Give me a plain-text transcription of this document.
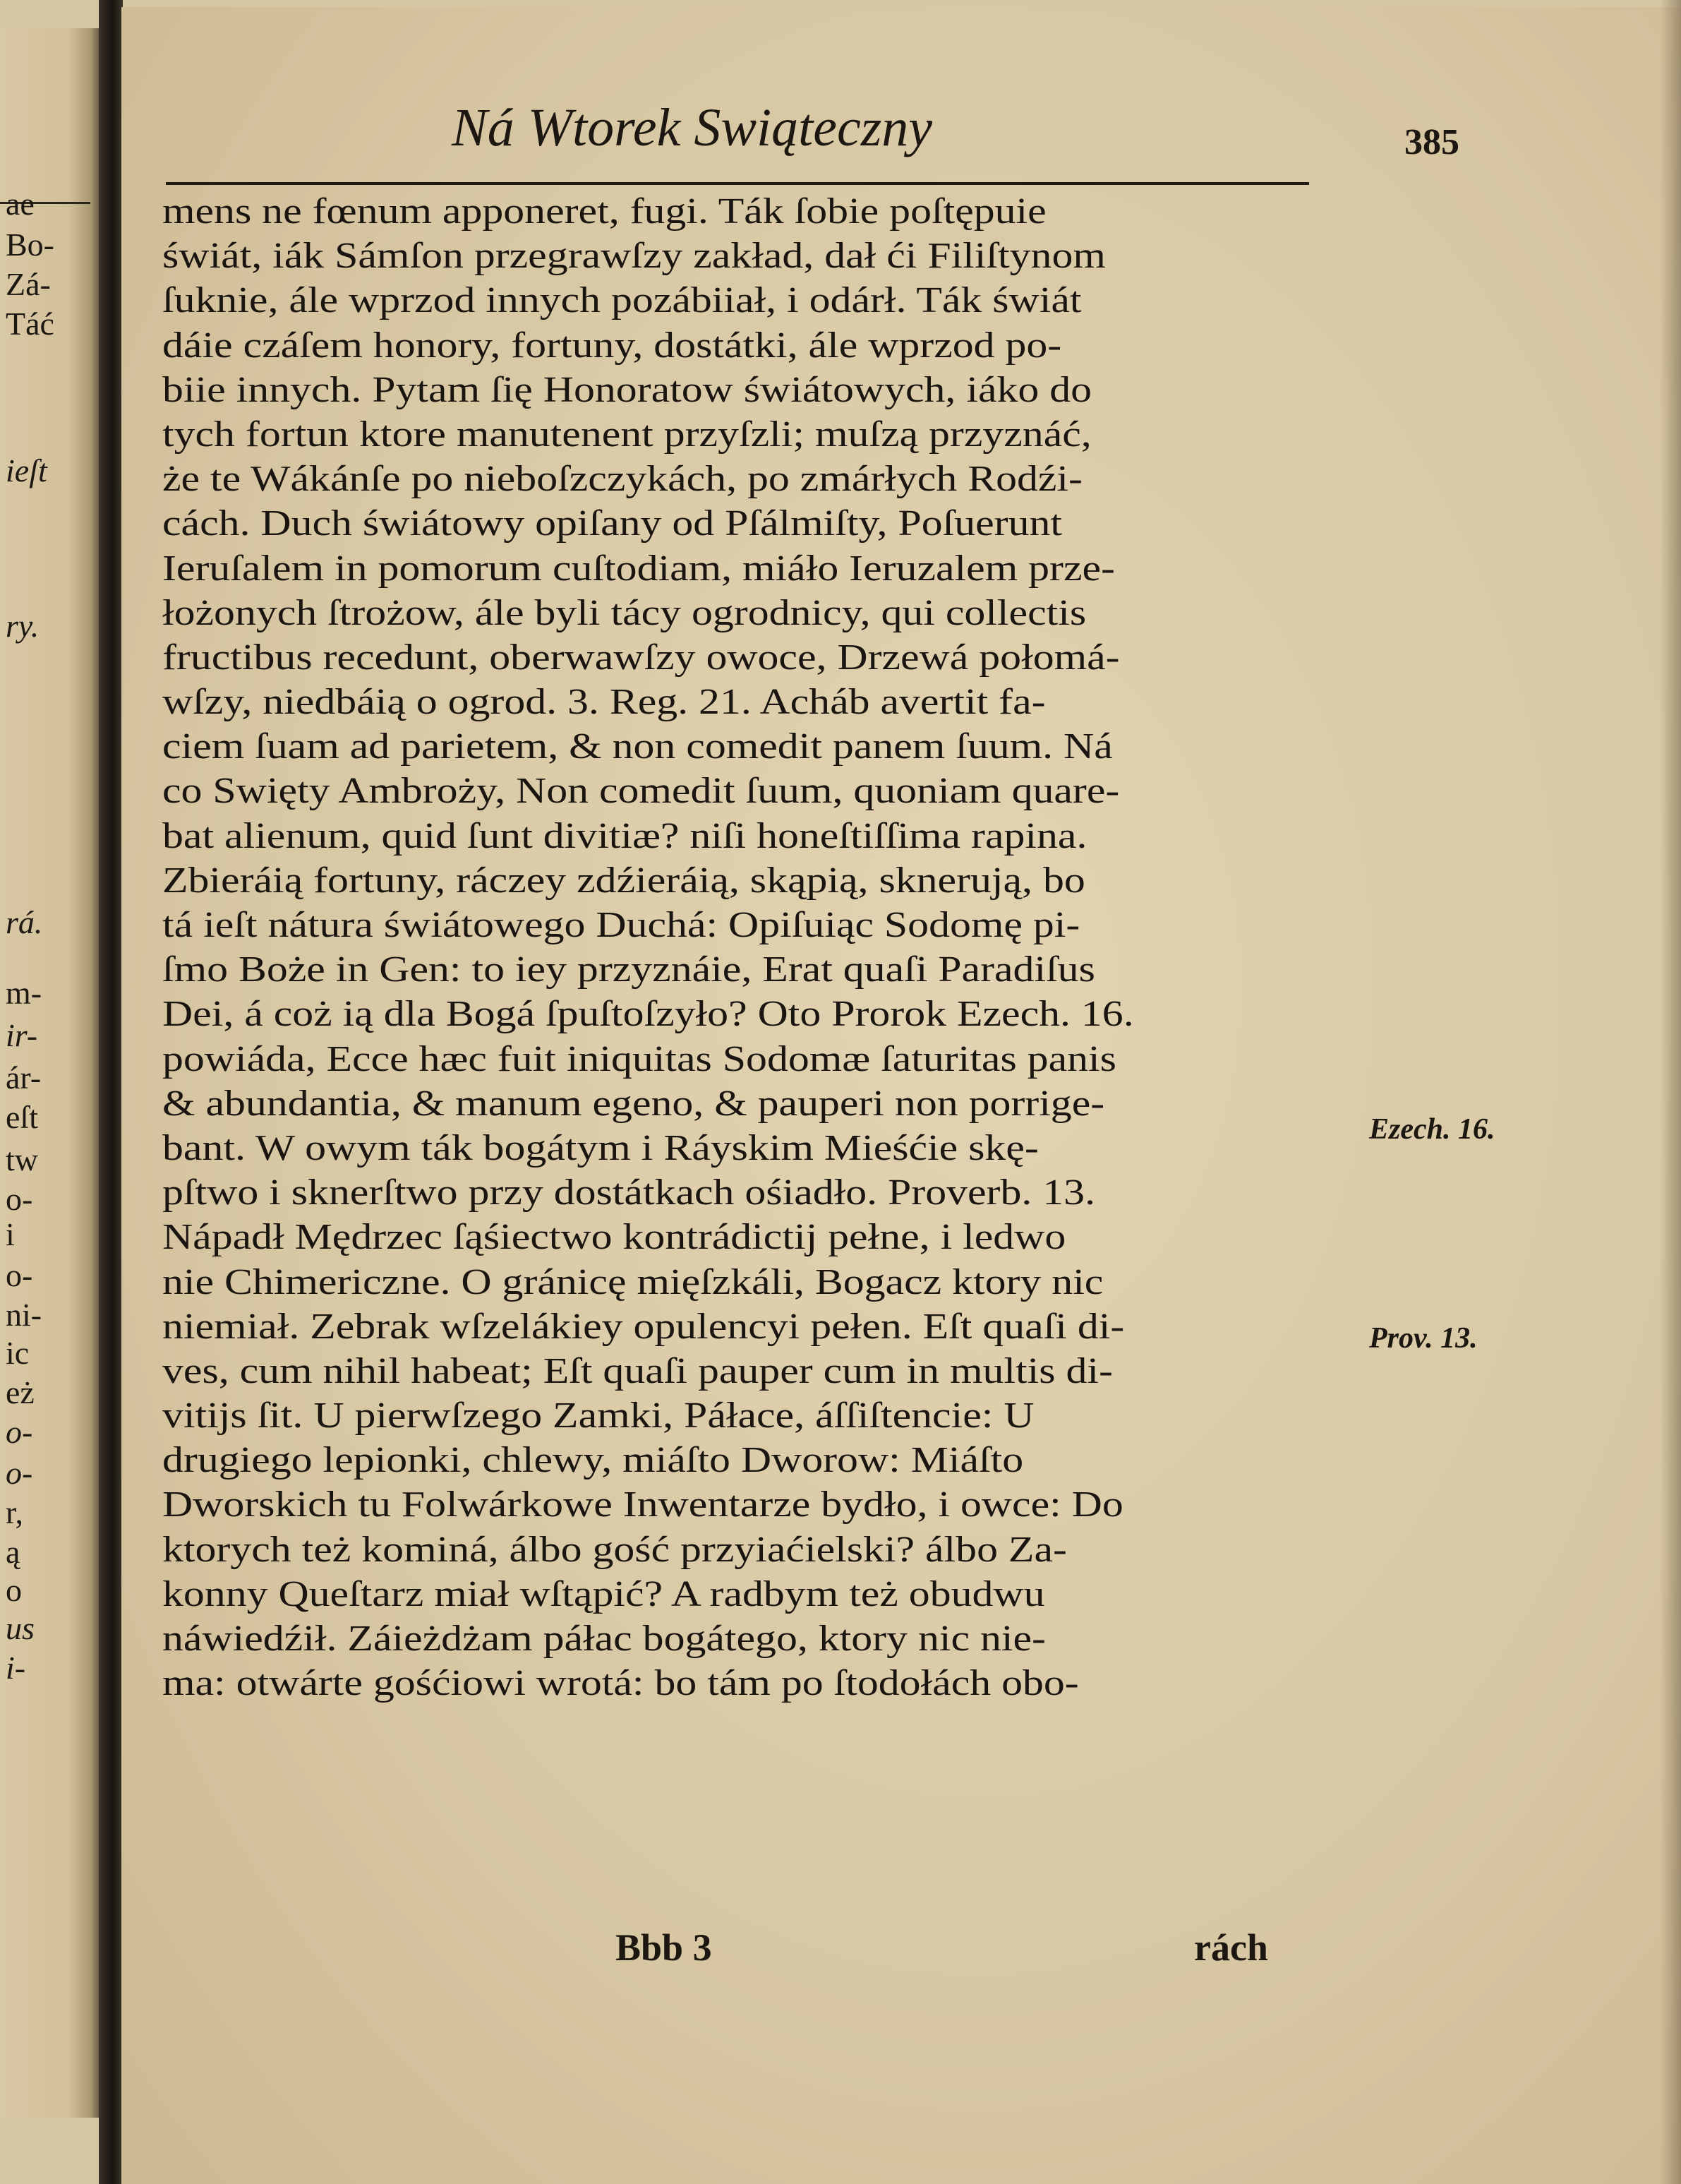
ae
Bo-
Zá-
Táć
ieſt
ry.
rá.
m-
ir-
ár-
eſt
tw
o-
i
o-
ni-
ic
eż
o-
o-
r,
ą
o
us
i-
Ná Wtorek Swiąteczny	385
mens ne fœnum apponeret, fugi. Ták ſobie poſtępuie
świát, iák Sámſon przegrawſzy zakład, dał ći Filiſtynom
ſuknie, ále wprzod innych pozábiiał, i odárł. Ták świát
dáie czáſem honory, fortuny, dostátki, ále wprzod po-
biie innych. Pytam ſię Honoratow świátowych, iáko do
tych fortun ktore manutenent przyſzli; muſzą przyznáć,
że te Wákánſe po nieboſzczykách, po zmárłych Rodźi-
cách. Duch świátowy opiſany od Pſálmiſty, Poſuerunt
Ieruſalem in pomorum cuſtodiam, miáło Ieruzalem prze-
łożonych ſtrożow, ále byli tácy ogrodnicy, qui collectis
fructibus recedunt, oberwawſzy owoce, Drzewá połomá-
wſzy, niedbáią o ogrod. 3. Reg. 21. Acháb avertit fa-
ciem ſuam ad parietem, & non comedit panem ſuum. Ná
co Swięty Ambroży, Non comedit ſuum, quoniam quare-
bat alienum, quid ſunt divitiæ? niſi honeſtiſſima rapina.
Zbieráią fortuny, ráczey zdźieráią, skąpią, sknerują, bo
tá ieſt nátura świátowego Duchá: Opiſuiąc Sodomę pi-
ſmo Boże in Gen: to iey przyznáie, Erat quaſi Paradiſus
Dei, á coż ią dla Bogá ſpuſtoſzyło? Oto Prorok Ezech. 16.
powiáda, Ecce hæc fuit iniquitas Sodomæ ſaturitas panis
& abundantia, & manum egeno, & pauperi non porrige-
bant. W owym ták bogátym i Ráyskim Mieśćie skę-
pſtwo i sknerſtwo przy dostátkach ośiadło. Proverb. 13.
Nápadł Mędrzec ſąśiectwo kontrádictij pełne, i ledwo
nie Chimericzne. O gránicę mięſzkáli, Bogacz ktory nic
niemiał. Zebrak wſzelákiey opulencyi pełen. Eſt quaſi di-
ves, cum nihil habeat; Eſt quaſi pauper cum in multis di-
vitijs ſit. U pierwſzego Zamki, Páłace, áſſiſtencie: U
drugiego lepionki, chlewy, miáſto Dworow: Miáſto
Dworskich tu Folwárkowe Inwentarze bydło, i owce: Do
ktorych też kominá, álbo gość przyiaćielski? álbo Za-
konny Queſtarz miał wſtąpić? A radbym też obudwu
náwiedźił. Záieżdżam páłac bogátego, ktory nic nie-
ma: otwárte gośćiowi wrotá: bo tám po ſtodołách obo-
Ezech. 16.
Prov. 13.
Bbb 3	rách
